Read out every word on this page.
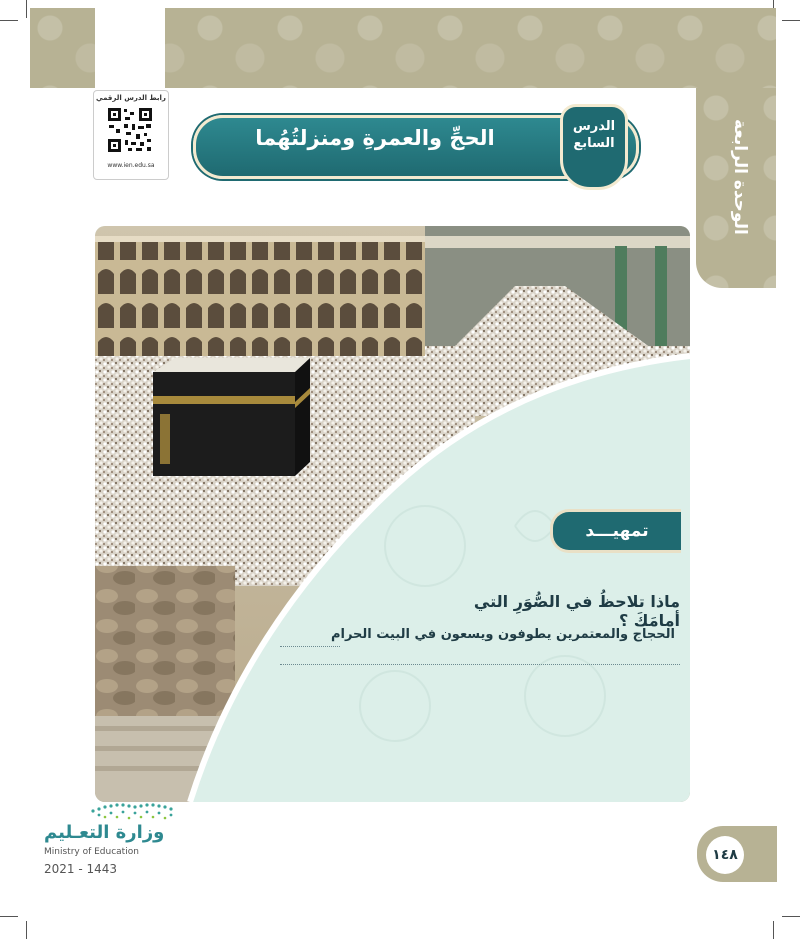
الوحدة الرابعة
رابط الدرس الرقمي
www.ien.edu.sa
الحجِّ والعمرةِ ومنزلتُهُما	الدرس
السابع
تمهيـــد
ماذا تلاحظُ في الصُّوَرِ التي أمامَكَ ؟
الحجاج والمعتمرين يطوفون ويسعون في البيت الحرام
وزارة التعـليم
Ministry of Education
2021 - 1443
١٤٨
